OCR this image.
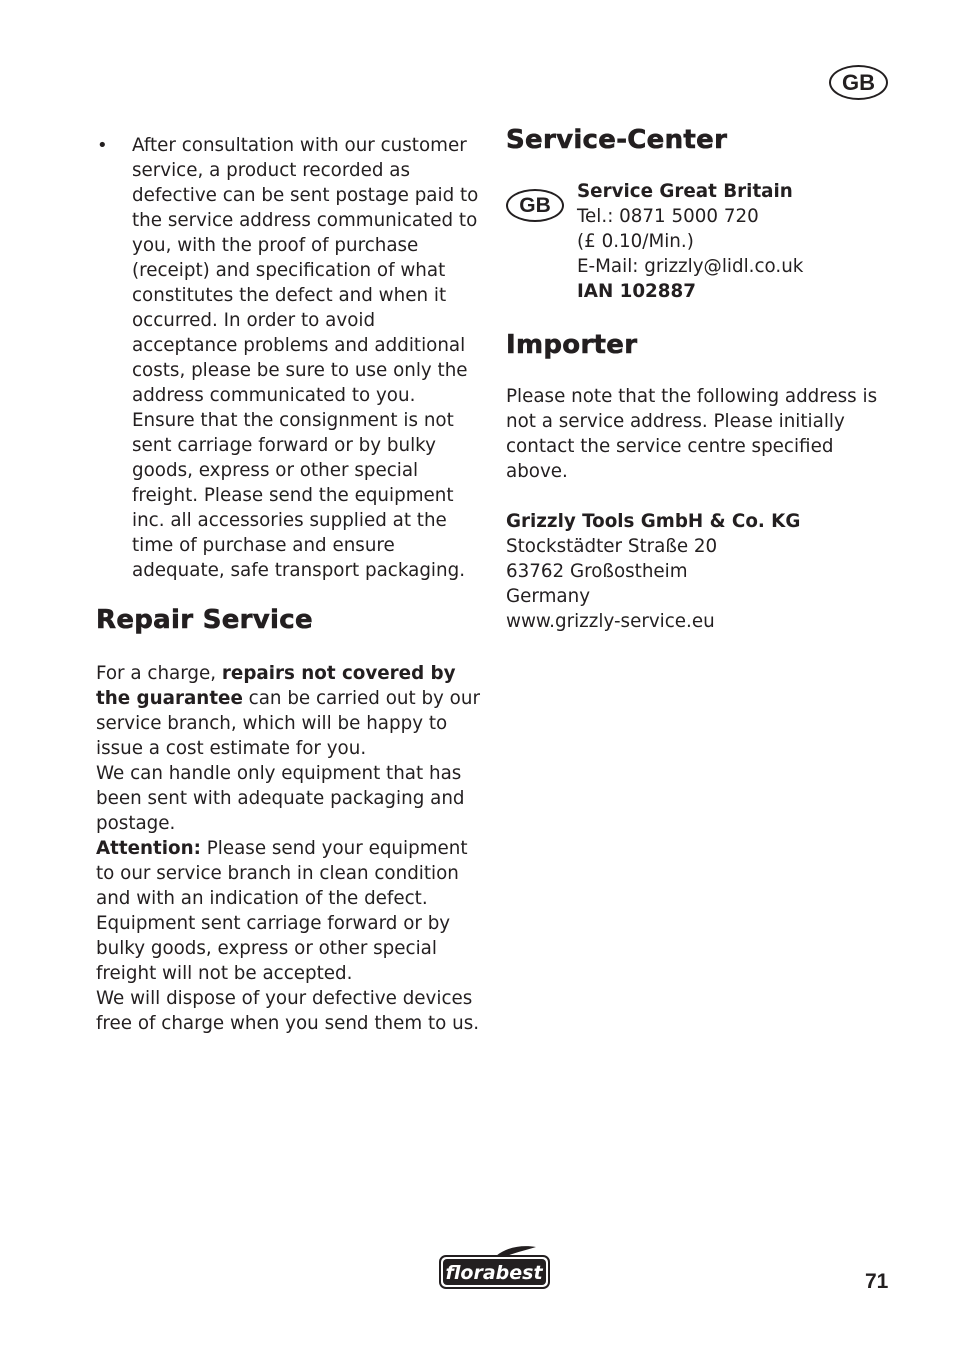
GB
• After consultation with our customer service, a product recorded as defective can be sent postage paid to the service address communicated to you, with the proof of purchase (receipt) and specification of what constitutes the defect and when it occurred. In order to avoid acceptance problems and additional costs, please be sure to use only the address communicated to you. Ensure that the consignment is not sent carriage forward or by bulky goods, express or other special freight. Please send the equipment inc. all accessories supplied at the time of purchase and ensure adequate, safe transport packaging.

Repair Service

For a charge, repairs not covered by the guarantee can be carried out by our service branch, which will be happy to issue a cost estimate for you.

We can handle only equipment that has been sent with adequate packaging and postage.

Attention: Please send your equipment to our service branch in clean condition and with an indication of the defect.

Equipment sent carriage forward or by bulky goods, express or other special freight will not be accepted.

We will dispose of your defective devices free of charge when you send them to us.

GB
Service-Center

Service Great Britain

Tel.: 0871 5000 720

(£ 0.10/Min.)

E-Mail: grizzly@lidl.co.uk

IAN 102887

Importer

Please note that the following address is not a service address. Please initially contact the service centre specified above.

Grizzly Tools GmbH & Co. KG

Stockstädter Straße 20

63762 Großostheim

Germany

www.grizzly-service.eu

florabest	71
